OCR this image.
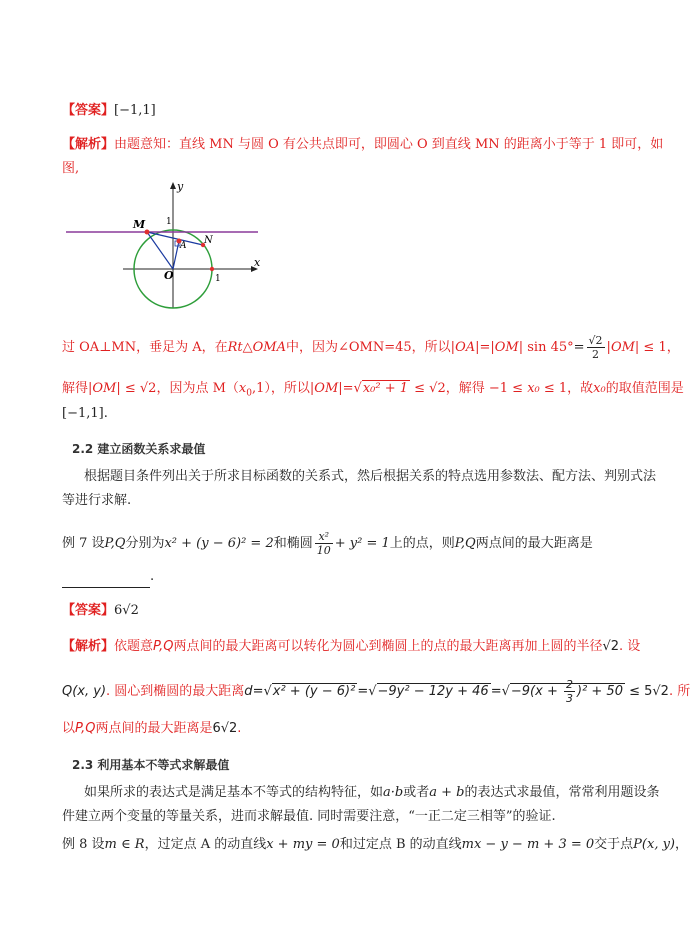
【答案】[−1,1]
【解析】由题意知：直线 MN 与圆 O 有公共点即可，即圆心 O 到直线 MN 的距离小于等于 1 即可，如
图,
y
x
M
N
A
O
1
1
过 OA⊥MN，垂足为 A，在Rt△OMA中，因为∠OMN=45，所以|OA|=|OM| $\sin 45^\circ= \frac{√2}{2} |OM| \le 1$，
解得|OM| ≤ √2，因为点 $M(x_0,1)$，所以|OM|=√x₀² + 1 ≤ √2，解得 −1 ≤ x₀ ≤ 1，故x₀的取值范围是
[−1,1].
2.2 建立函数关系求最值
根据题目条件列出关于所求目标函数的关系式，然后根据关系的特点选用参数法、配方法、判别式法
等进行求解.
例 7 设P,Q分别为x² + (y − 6)² = 2和椭圆 $\frac{\text{x²}}{10} + y^2 = 1$上的点，则P,Q两点间的最大距离是
.
【答案】6√2
【解析】依题意P,Q两点间的最大距离可以转化为圆心到椭圆上的点的最大距离再加上圆的半径√2. 设
Q(x, y). 圆心到椭圆的最大距离$d=√x^2 + (y - 6)^2 =√-9y^2 - 12y + 46 =√-9(x + \frac{2}{3} )^2 + 50 \le 5√2$. 所
以P,Q两点间的最大距离是6√2.
2.3 利用基本不等式求解最值
如果所求的表达式是满足基本不等式的结构特征，如a·b或者a + b的表达式求最值，常常利用题设条
件建立两个变量的等量关系，进而求解最值. 同时需要注意，“一正二定三相等”的验证.
例 8 设m ∈ R，过定点 A 的动直线x + my = 0和过定点 B 的动直线mx − y − m + 3 = 0交于点P(x, y)，
